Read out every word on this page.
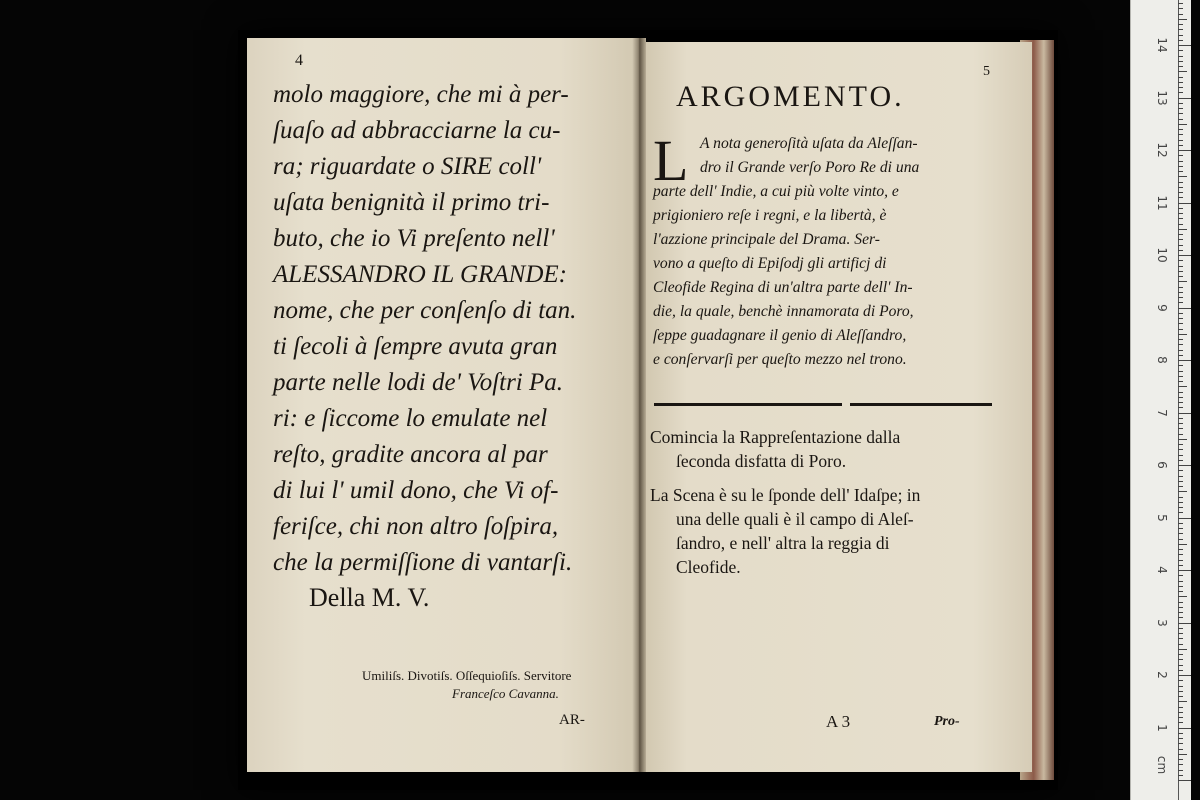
4
molo maggiore, che mi à per-
ſuaſo ad abbracciarne la cu-
ra; riguardate o SIRE coll'
uſata benignità il primo tri-
buto, che io Vi preſento nell'
ALESSANDRO IL GRANDE:
nome, che per conſenſo di tan.
ti ſecoli à ſempre avuta gran
parte nelle lodi de' Voſtri Pa.
ri: e ſiccome lo emulate nel
reſto, gradite ancora al par
di lui l' umil dono, che Vi of-
feriſce, chi non altro ſoſpira,
che la permiſſione di vantarſi.
Della M. V.
Umiliſs. Divotiſs. Oſſequioſiſs. Servitore
Franceſco Cavanna.
AR-
5
ARGOMENTO.
L A nota generoſità uſata da Aleſſan-
dro il Grande verſo Poro Re di una
parte dell' Indie, a cui più volte vinto, e
prigioniero reſe i regni, e la libertà, è
l'azzione principale del Drama. Ser-
vono a queſto di Epiſodj gli artificj di
Cleofide Regina di un'altra parte dell' In-
die, la quale, benchè innamorata di Poro,
ſeppe guadagnare il genio di Aleſſandro,
e conſervarſi per queſto mezzo nel trono.
Comincia la Rappreſentazione dalla
ſeconda disfatta di Poro.
La Scena è su le ſponde dell' Idaſpe; in
una delle quali è il campo di Aleſ-
ſandro, e nell' altra la reggia di
Cleofide.
A 3	Pro-
cm
14
13
12
11
10
9
8
7
6
5
4
3
2
1
